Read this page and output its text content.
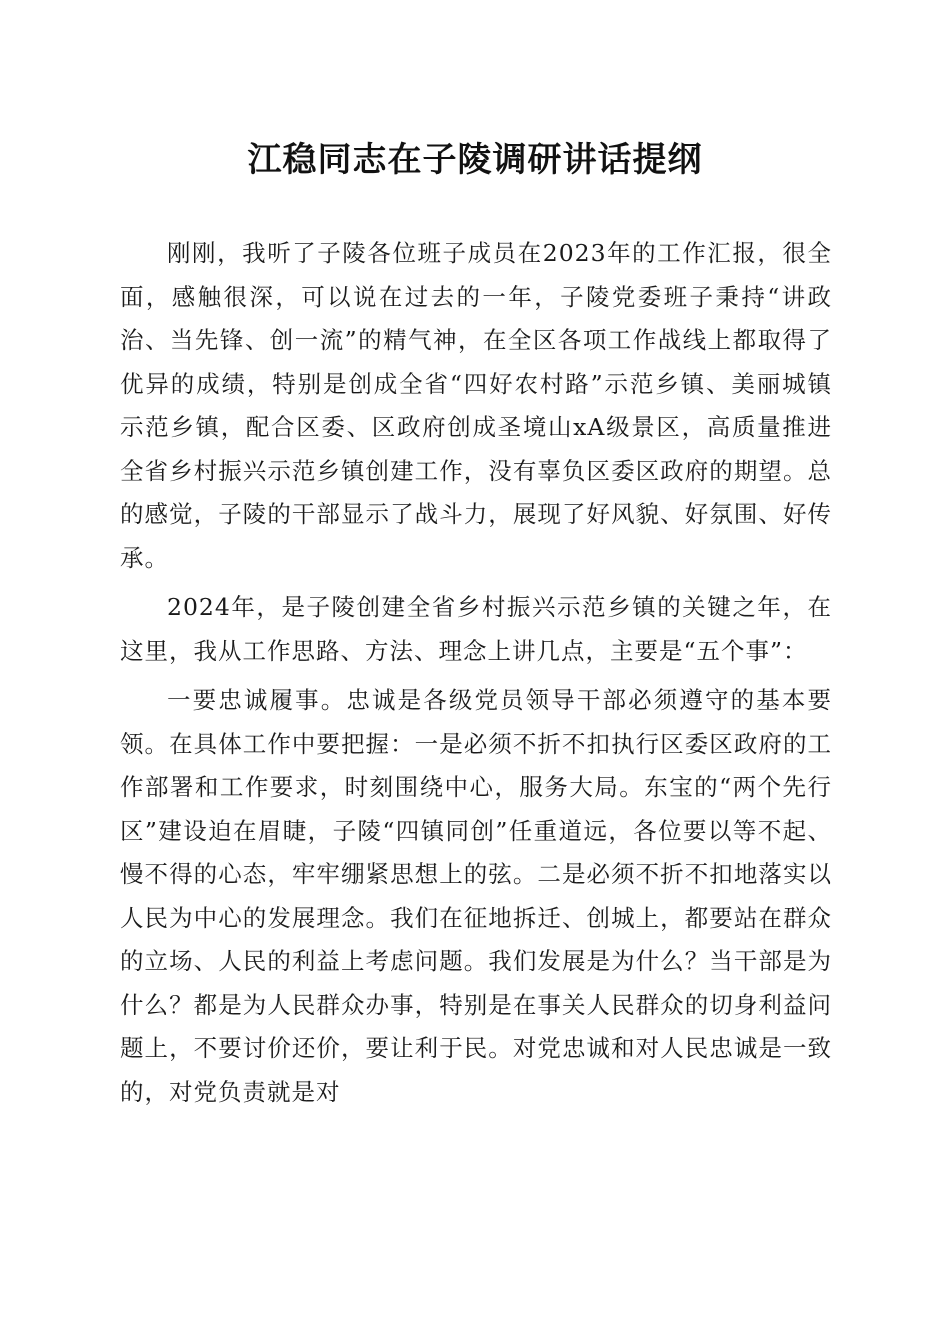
江稳同志在子陵调研讲话提纲

刚刚，我听了子陵各位班子成员在2023年的工作汇报，很全面，感触很深，可以说在过去的一年，子陵党委班子秉持“讲政治、当先锋、创一流”的精气神，在全区各项工作战线上都取得了优异的成绩，特别是创成全省“四好农村路”示范乡镇、美丽城镇示范乡镇，配合区委、区政府创成圣境山xA级景区，高质量推进全省乡村振兴示范乡镇创建工作，没有辜负区委区政府的期望。总的感觉，子陵的干部显示了战斗力，展现了好风貌、好氛围、好传承。

2024年，是子陵创建全省乡村振兴示范乡镇的关键之年，在这里，我从工作思路、方法、理念上讲几点，主要是“五个事”：

一要忠诚履事。忠诚是各级党员领导干部必须遵守的基本要领。在具体工作中要把握：一是必须不折不扣执行区委区政府的工作部署和工作要求，时刻围绕中心，服务大局。东宝的“两个先行区”建设迫在眉睫，子陵“四镇同创”任重道远，各位要以等不起、慢不得的心态，牢牢绷紧思想上的弦。二是必须不折不扣地落实以人民为中心的发展理念。我们在征地拆迁、创城上，都要站在群众的立场、人民的利益上考虑问题。我们发展是为什么？当干部是为什么？都是为人民群众办事，特别是在事关人民群众的切身利益问题上，不要讨价还价，要让利于民。对党忠诚和对人民忠诚是一致的，对党负责就是对
